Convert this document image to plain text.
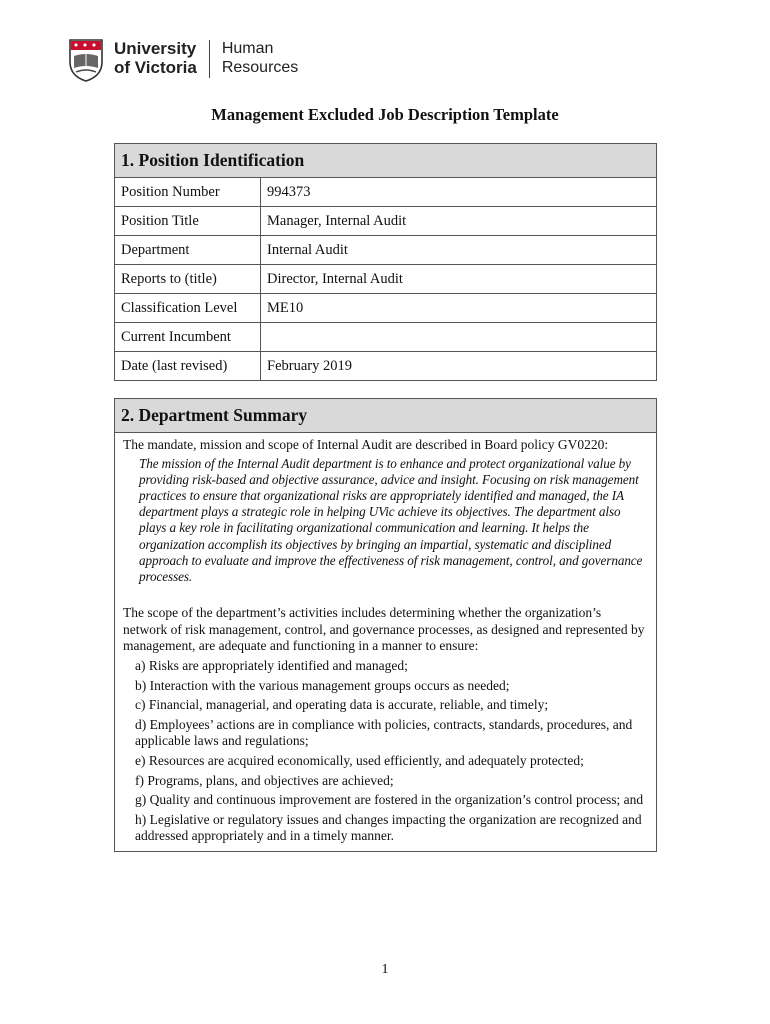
University
of Victoria
Human
Resources
Management Excluded Job Description Template
1. Position Identification	
Position Number	994373
Position Title	Manager, Internal Audit
Department	Internal Audit
Reports to (title)	Director, Internal Audit
Classification Level	ME10
Current Incumbent	
Date (last revised)	February 2019
2. Department Summary

The mandate, mission and scope of Internal Audit are described in Board policy GV0220:

The mission of the Internal Audit department is to enhance and protect organizational value by providing risk-based and objective assurance, advice and insight. Focusing on risk management practices to ensure that organizational risks are appropriately identified and managed, the IA department plays a strategic role in helping UVic achieve its objectives. The department also plays a key role in facilitating organizational communication and learning. It helps the organization accomplish its objectives by bringing an impartial, systematic and disciplined approach to evaluate and improve the effectiveness of risk management, control, and governance processes.

The scope of the department’s activities includes determining whether the organization’s network of risk management, control, and governance processes, as designed and represented by management, are adequate and functioning in a manner to ensure:

a) Risks are appropriately identified and managed;
b) Interaction with the various management groups occurs as needed;
c) Financial, managerial, and operating data is accurate, reliable, and timely;
d) Employees’ actions are in compliance with policies, contracts, standards, procedures, and applicable laws and regulations;
e) Resources are acquired economically, used efficiently, and adequately protected;
f) Programs, plans, and objectives are achieved;
g) Quality and continuous improvement are fostered in the organization’s control process; and
h) Legislative or regulatory issues and changes impacting the organization are recognized and addressed appropriately and in a timely manner.
1
